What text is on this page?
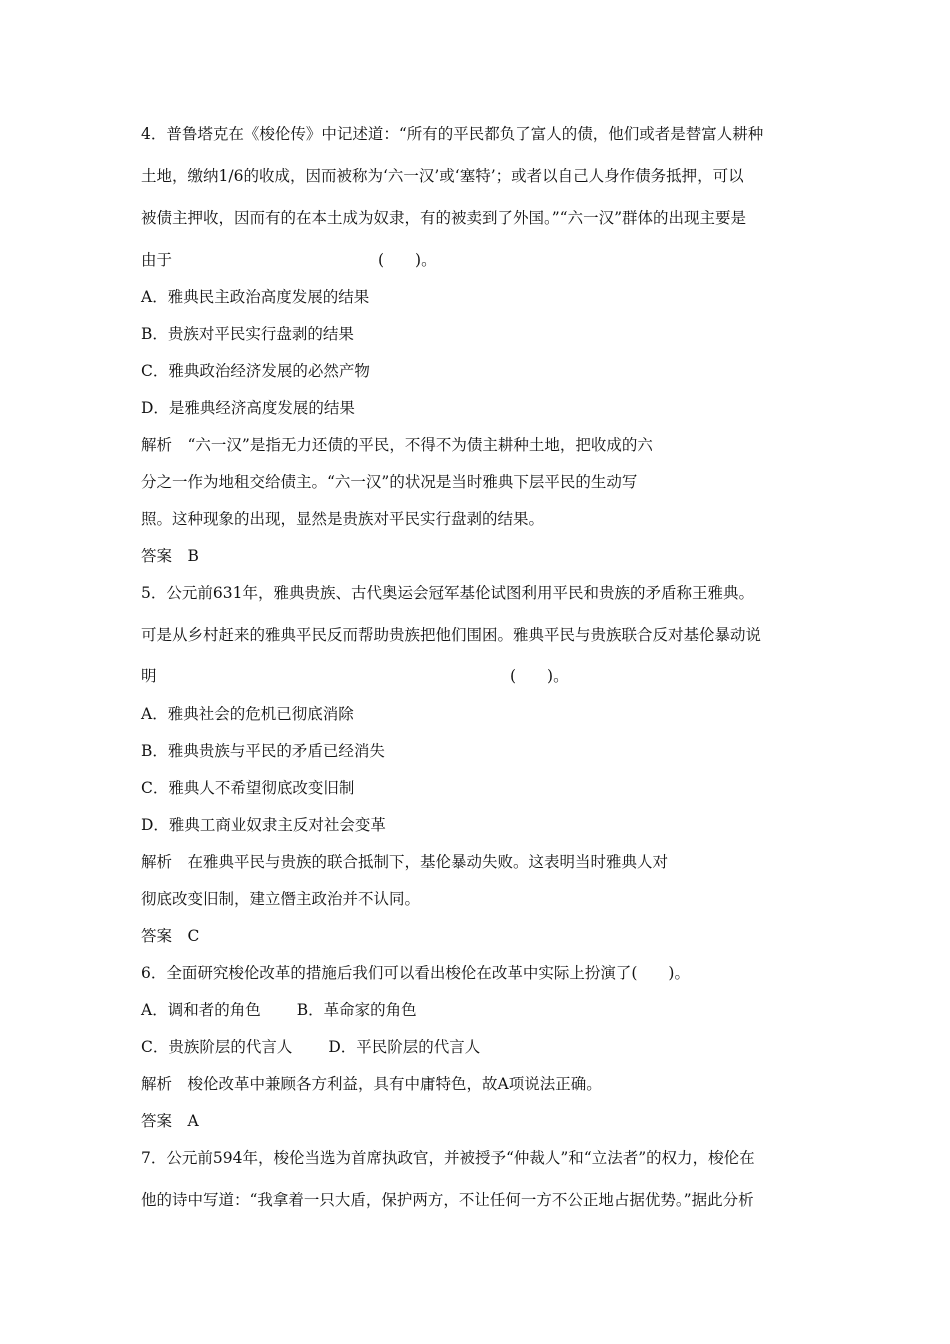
4．普鲁塔克在《梭伦传》中记述道：“所有的平民都负了富人的债，他们或者是替富人耕种

土地，缴纳1/6的收成，因而被称为‘六一汉’或‘塞特’；或者以自己人身作债务抵押，可以

被债主押收，因而有的在本土成为奴隶，有的被卖到了外国。”“六一汉”群体的出现主要是

由于	(　　)。

A．雅典民主政治高度发展的结果

B．贵族对平民实行盘剥的结果

C．雅典政治经济发展的必然产物

D．是雅典经济高度发展的结果

解析　“六一汉”是指无力还债的平民，不得不为债主耕种土地，把收成的六

分之一作为地租交给债主。“六一汉”的状况是当时雅典下层平民的生动写

照。这种现象的出现，显然是贵族对平民实行盘剥的结果。

答案　B

5．公元前631年，雅典贵族、古代奥运会冠军基伦试图利用平民和贵族的矛盾称王雅典。

可是从乡村赶来的雅典平民反而帮助贵族把他们围困。雅典平民与贵族联合反对基伦暴动说

明	(　　)。

A．雅典社会的危机已彻底消除

B．雅典贵族与平民的矛盾已经消失

C．雅典人不希望彻底改变旧制

D．雅典工商业奴隶主反对社会变革

解析　在雅典平民与贵族的联合抵制下，基伦暴动失败。这表明当时雅典人对

彻底改变旧制，建立僭主政治并不认同。

答案　C

6．全面研究梭伦改革的措施后我们可以看出梭伦在改革中实际上扮演了(　　)。

A．调和者的角色 B．革命家的角色

C．贵族阶层的代言人 D．平民阶层的代言人

解析　梭伦改革中兼顾各方利益，具有中庸特色，故A项说法正确。

答案　A

7．公元前594年，梭伦当选为首席执政官，并被授予“仲裁人”和“立法者”的权力，梭伦在

他的诗中写道：“我拿着一只大盾，保护两方，不让任何一方不公正地占据优势。”据此分析
